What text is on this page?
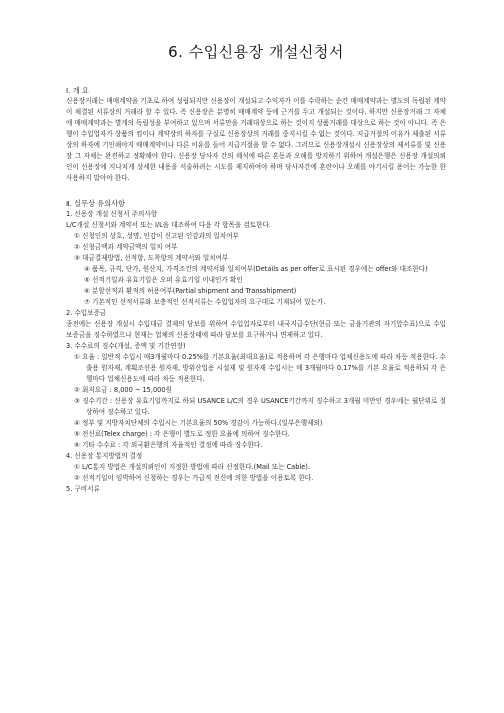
6. 수입신용장 개설신청서

Ⅰ. 개 요

신용장거래는 매매계약을 기초로 하여 성립되지만 신용장이 개설되고 수익자가 이를 수락하는 순간 매매계약과는 별도의 독립된 계약이 체결된 서류상의 거래라 할 수 있다. 즉 신용장은 분명히 매매계약 등에 근거를 두고 개설되는 것이다. 하지만 신용장거래 그 자체에 매매계약과는 별개의 독립성을 부여하고 있으며 서류만을 거래대상으로 하는 것이지 상품거래를 대상으로 하는 것이 아니다. 즉 은행이 수입업자가 상품의 컴이나 계약상의 하자를 구실로 신용장상의 거래를 중지시킬 수 없는 것이다. 지급거절의 이유가 제출된 서류상의 하자에 기인해야지 매매계약이나 다른 이유를 들어 지급거절을 할 수 없다. 그러므로 신용장개설시 신용장상의 제서류를 및 신용장 그 자체는 완전하고 정확해야 한다. 신용장 당사자 간의 해석에 따른 혼동과 오해를 방지하기 위하여 개설은행은 신용장 개설의뢰인이 신용장에 지나치게 상세한 내용을 서술하려는 시도를 제지하여야 하며 당사자간에 혼란이나 오해를 야기시킬 용어는 가능한 한 사용하지 말아야 한다.

Ⅱ. 실무상 유의사항

1. 신용장 개설 신청서 주의사항

L/C개설 신청서와 계약서 또는 I/L을 대조하여 다음 각 항목을 검토한다.

① 신청인의 상호, 성명, 인감이 신고된 인감과의 일치여부

② 신청금액과 계약금액의 일치 여부

③ 대금결제방법, 선적항, 도착항의 계약서와 일치여부

④ 품목, 규격, 단가, 원산지, 가격조건의 계약서와 일치여부(Details as per offer로 표시된 경우에는 offer와 대조한다)

⑤ 선적기일과 유효기일은 오퍼 유효기일 이내인가 확인

⑥ 분할선적과 환적의 허용여부(Partial shipment and Transshipment)

⑦ 기본적인 선적서류와 보충적인 선적서류는 수입업자의 요구대로 기재되어 있는가.

2. 수입보증금

종전에는 신용장 개설시 수입대금 결제의 담보를 위하여 수입업자로부터 내국지급수단(현금 또는 금융기관의 자기앞수표)으로 수입보증금을 징수하였으나 현재는 업체의 신용상태에 따라 담보를 요구하거나 면제하고 있다.

3. 수수료의 징수(개설, 증액 및 기간연장)

① 요율 : 일반적 수입시 매3개월마다 0.25%를 기본요율(최대요율)로 적용하며 각 은행마다 업체신용도에 따라 차등 적용한다. 수출용 원자재, 계획조선용 원자재, 방위산업용 시설재 및 원자재 수입시는 매 3개월마다 0.17%를 기본 요율로 적용하되 각 은행마다 업체신용도에 따라 차등 적용한다.

② 최저요금 : 8,000 ~ 15,000원

③ 징수기간 : 신용장 유효기일까지로 하되 USANCE L/C의 경우 USANCE기간까지 징수하고 3개월 미만인 경우에는 월단위로 절상하여 징수하고 있다.

④ 정부 및 지방자치단체의 수입시는 기본요율의 50% 경감이 가능하다.(일부은행제외)

⑤ 전신료(Telex charge) : 각 은행이 별도로 정한 요율에 의하여 징수한다.

⑥ 기타 수수료 : 각 외국환은행의 자율적인 결정에 따라 징수한다.

4. 신용장 통지방법의 결정

① L/C통지 방법은 개설의뢰인이 지정한 방법에 따라 선정한다.(Mail 또는 Cable).

② 선적기일이 임박하여 신청하는 경우는 가급적 전신에 의한 방법을 이용토록 한다.

5. 구비서류
